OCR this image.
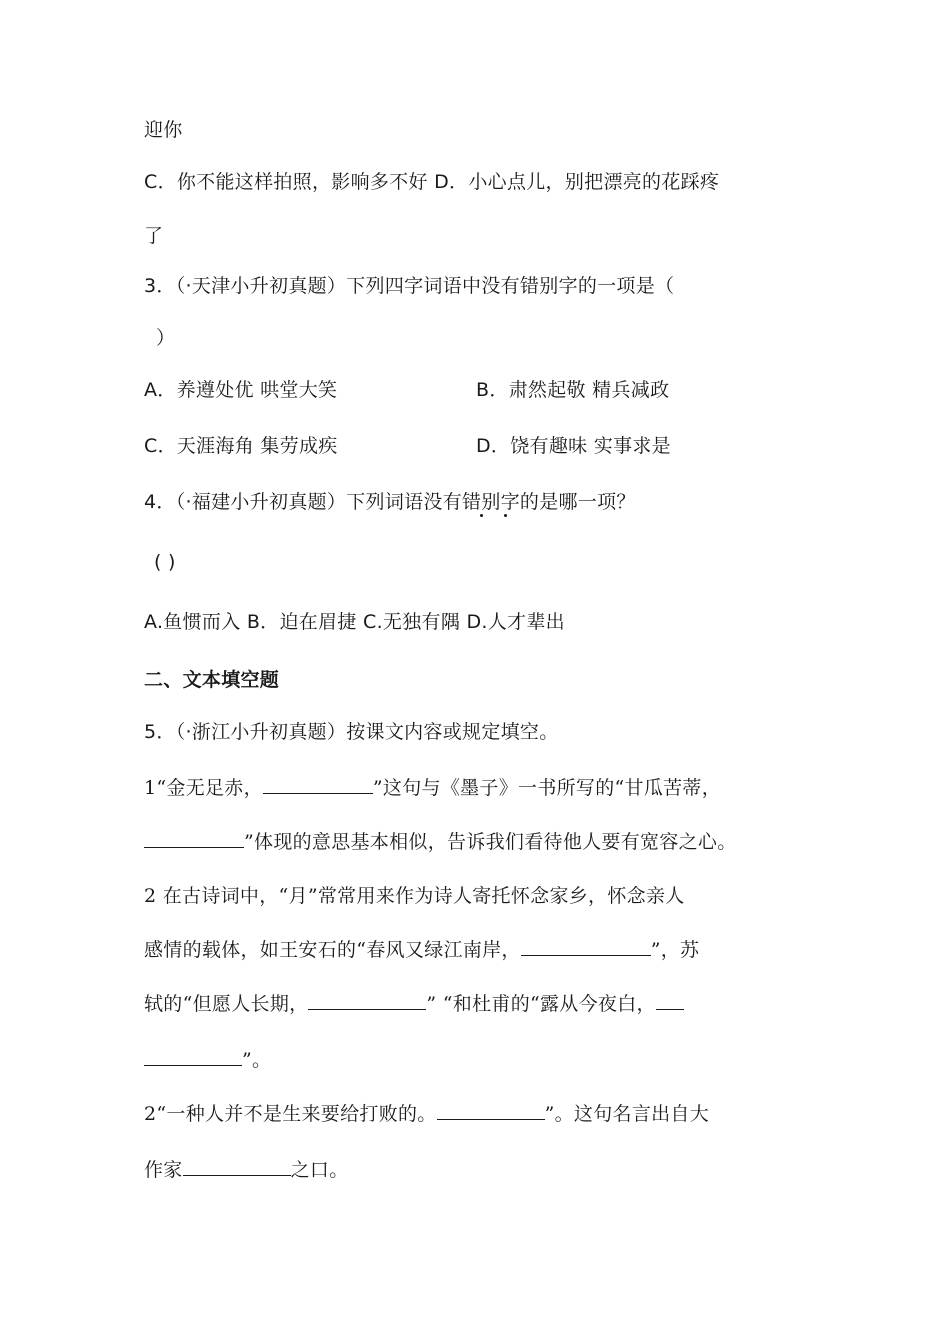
迎你
C．你不能这样拍照，影响多不好 D．小心点儿，别把漂亮的花踩疼
了
3．（·天津小升初真题）下列四字词语中没有错别字的一项是（
）
A．养遵处优 哄堂大笑	B．肃然起敬 精兵减政
C．天涯海角 集劳成疾	D．饶有趣味 实事求是
4．（·福建小升初真题）下列词语没有错别字的是哪一项？
( )
A.鱼惯而入 B．迫在眉捷 C.无独有隅 D.人才辈出
二、文本填空题
5．（·浙江小升初真题）按课文内容或规定填空。
1“金无足赤，	”这句与《墨子》一书所写的“甘瓜苦蒂，
”体现的意思基本相似，告诉我们看待他人要有宽容之心。
2 在古诗词中，“月”常常用来作为诗人寄托怀念家乡，怀念亲人
感情的载体，如王安石的“春风又绿江南岸，	”，苏
轼的“但愿人长期，	” “和杜甫的“露从今夜白，
”。
2“一种人并不是生来要给打败的。	”。这句名言出自大
作家	之口。
